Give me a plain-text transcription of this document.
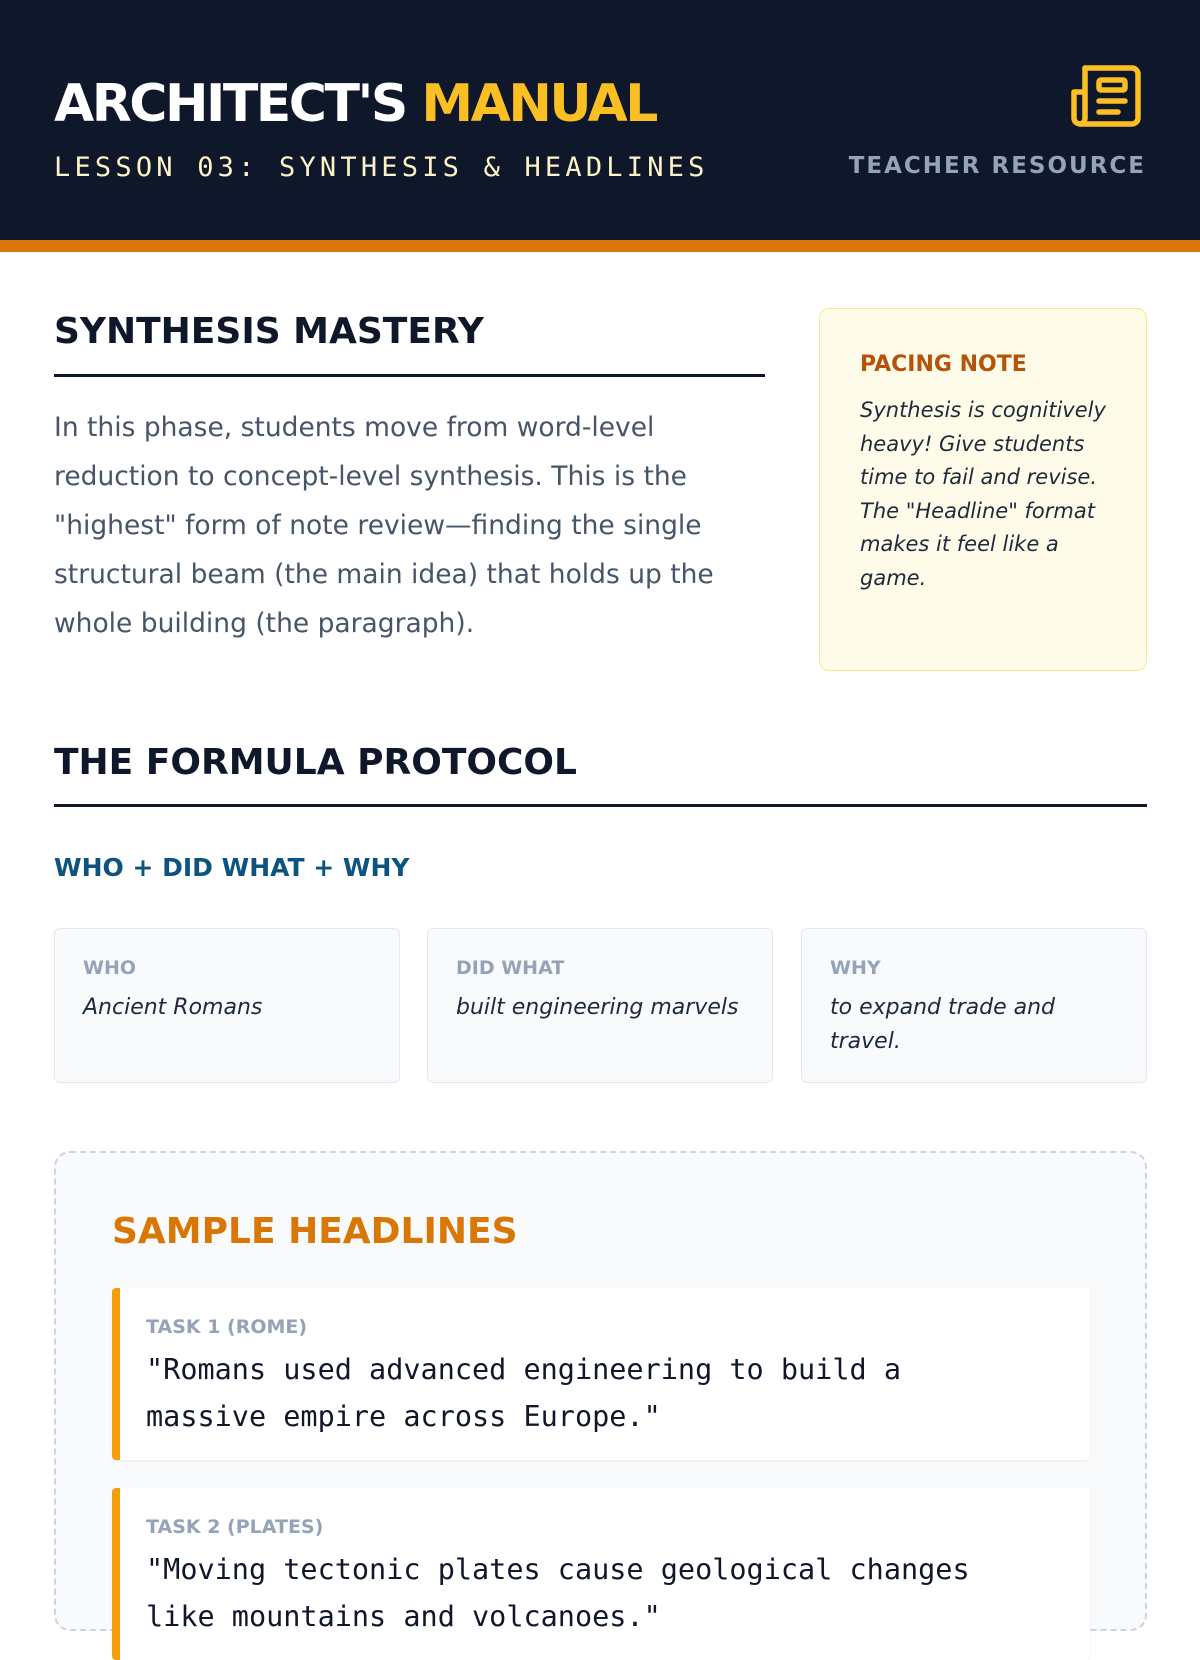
ARCHITECT'S MANUAL
LESSON 03: SYNTHESIS & HEADLINES	TEACHER RESOURCE
SYNTHESIS MASTERY

In this phase, students move from word-level reduction to concept-level synthesis. This is the "highest" form of note review—finding the single structural beam (the main idea) that holds up the whole building (the paragraph).

PACING NOTE

Synthesis is cognitively heavy! Give students time to fail and revise. The "Headline" format makes it feel like a game.

THE FORMULA PROTOCOL
WHO + DID WHAT + WHY
WHO
Ancient Romans
DID WHAT
built engineering marvels
WHY
to expand trade and travel.
SAMPLE HEADLINES
TASK 1 (ROME)
"Romans used advanced engineering to build a massive empire across Europe."
TASK 2 (PLATES)
"Moving tectonic plates cause geological changes like mountains and volcanoes."
